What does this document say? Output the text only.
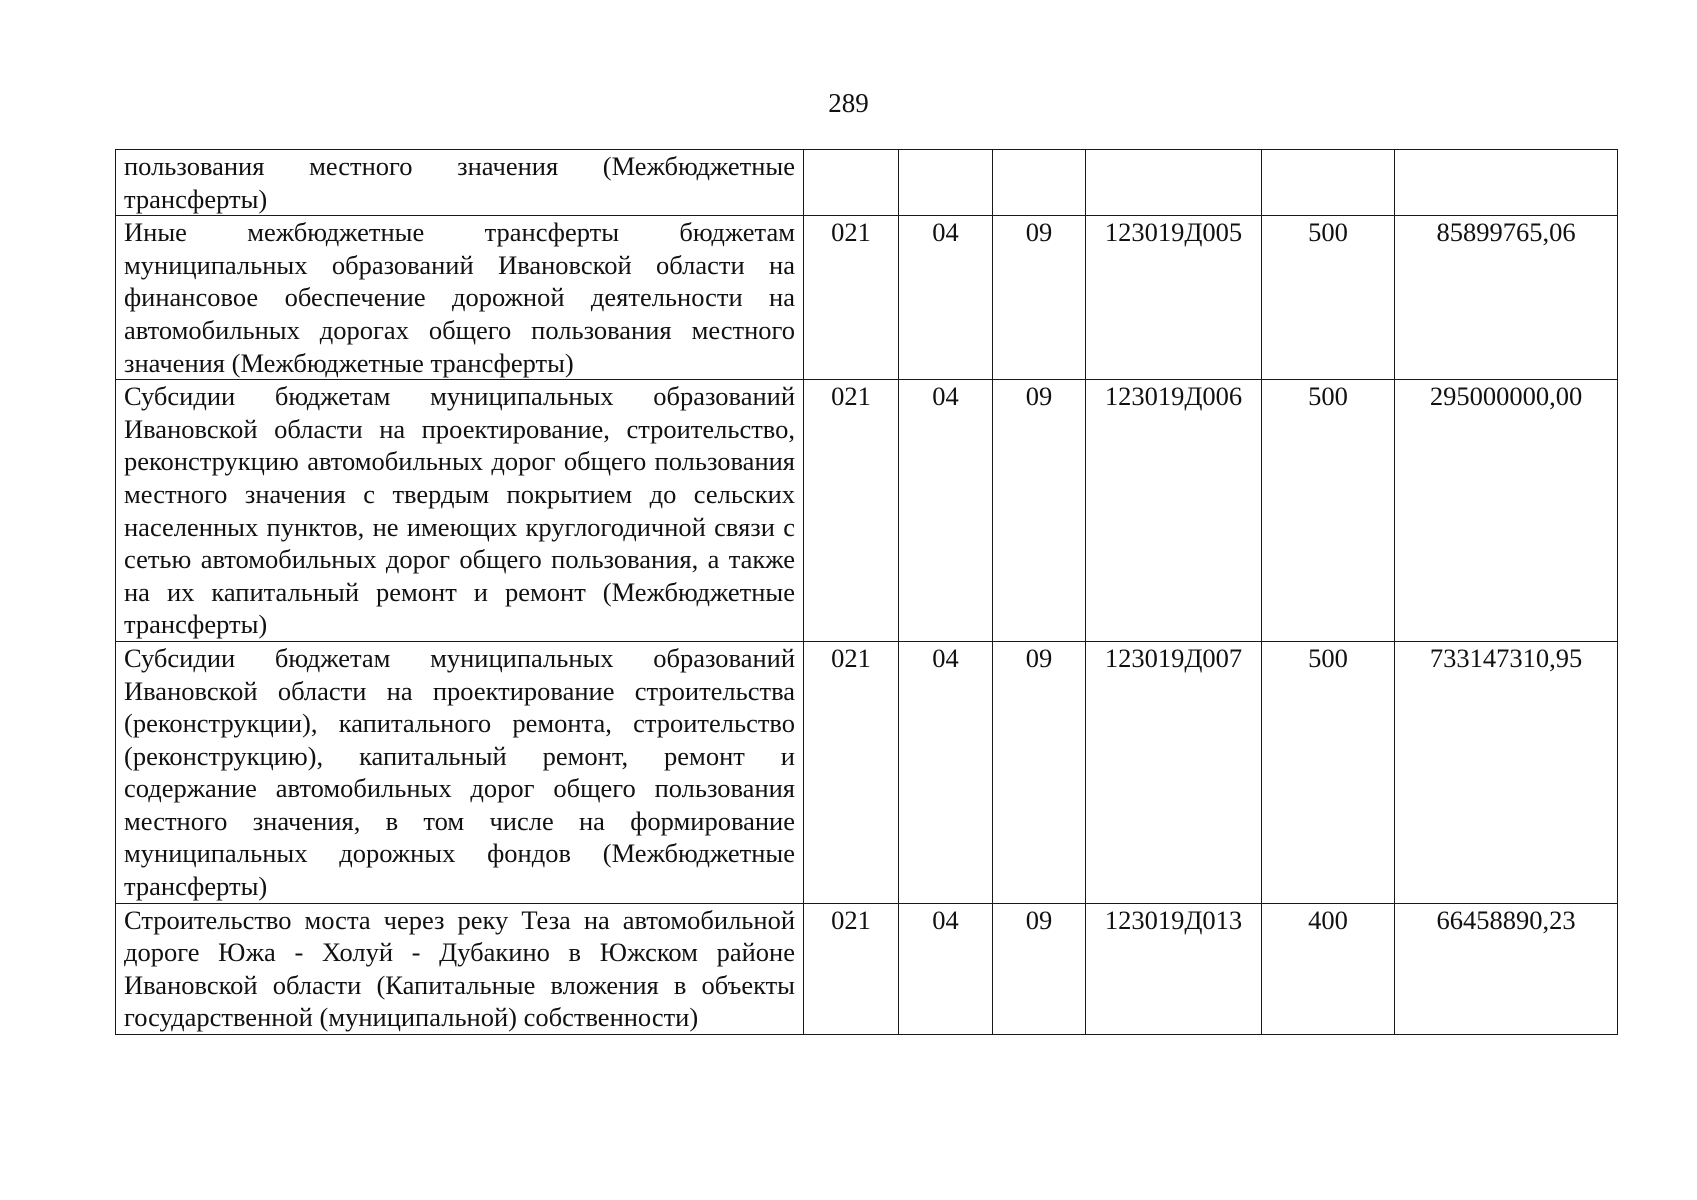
289
пользования местного значения (Межбюджетные трансферты)						
Иные межбюджетные трансферты бюджетам муниципальных образований Ивановской области на финансовое обеспечение дорожной деятельности на автомобильных дорогах общего пользования местного значения (Межбюджетные трансферты)	021	04	09	123019Д005	500	85899765,06
Субсидии бюджетам муниципальных образований Ивановской области на проектирование, строительство, реконструкцию автомобильных дорог общего пользования местного значения с твердым покрытием до сельских населенных пунктов, не имеющих круглогодичной связи с сетью автомобильных дорог общего пользования, а также на их капитальный ремонт и ремонт (Межбюджетные трансферты)	021	04	09	123019Д006	500	295000000,00
Субсидии бюджетам муниципальных образований Ивановской области на проектирование строительства (реконструкции), капитального ремонта, строительство (реконструкцию), капитальный ремонт, ремонт и содержание автомобильных дорог общего пользования местного значения, в том числе на формирование муниципальных дорожных фондов (Межбюджетные трансферты)	021	04	09	123019Д007	500	733147310,95
Строительство моста через реку Теза на автомобильной дороге Южа - Холуй - Дубакино в Южском районе Ивановской области (Капитальные вложения в объекты государственной (муниципальной) собственности)	021	04	09	123019Д013	400	66458890,23
